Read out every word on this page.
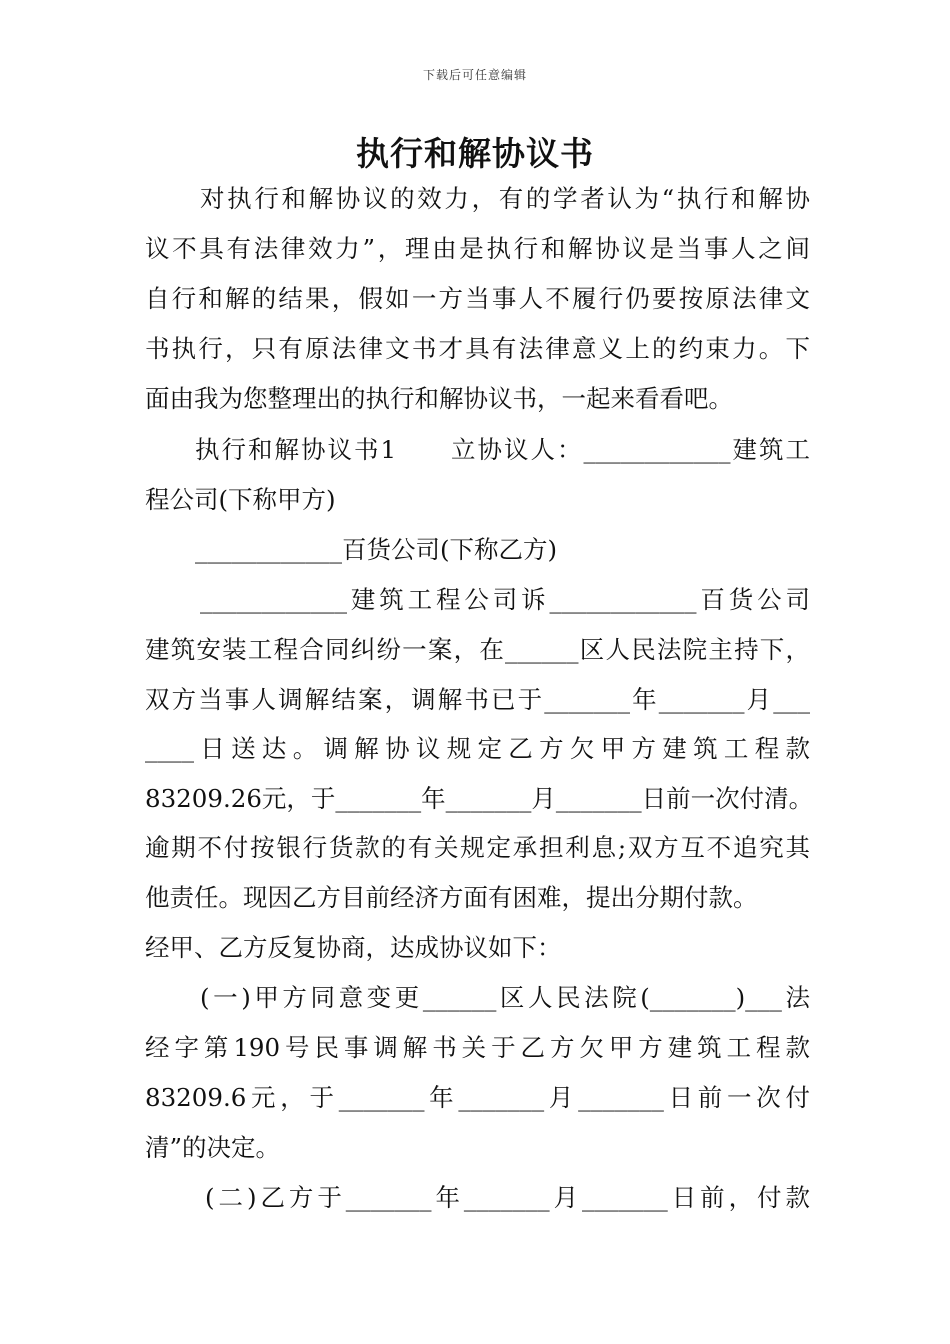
下载后可任意编辑
执行和解协议书
对执行和解协议的效力，有的学者认为“执行和解协
议不具有法律效力”，理由是执行和解协议是当事人之间
自行和解的结果，假如一方当事人不履行仍要按原法律文
书执行，只有原法律文书才具有法律意义上的约束力。下
面由我为您整理出的执行和解协议书，一起来看看吧。
执行和解协议书1　　立协议人：____________建筑工
程公司(下称甲方)
____________百货公司(下称乙方)
____________建筑工程公司诉____________百货公司
建筑安装工程合同纠纷一案，在______区人民法院主持下，
双方当事人调解结案，调解书已于_______年_______月___
____日送达。调解协议规定乙方欠甲方建筑工程款
83209.26元，于_______年_______月_______日前一次付清。
逾期不付按银行货款的有关规定承担利息;双方互不追究其
他责任。现因乙方目前经济方面有困难，提出分期付款。
经甲、乙方反复协商，达成协议如下：
(一)甲方同意变更______区人民法院(_______)___法
经字第190号民事调解书关于乙方欠甲方建筑工程款
83209.6元，于_______年_______月_______日前一次付
清”的决定。
(二)乙方于_______年_______月_______日前，付款
